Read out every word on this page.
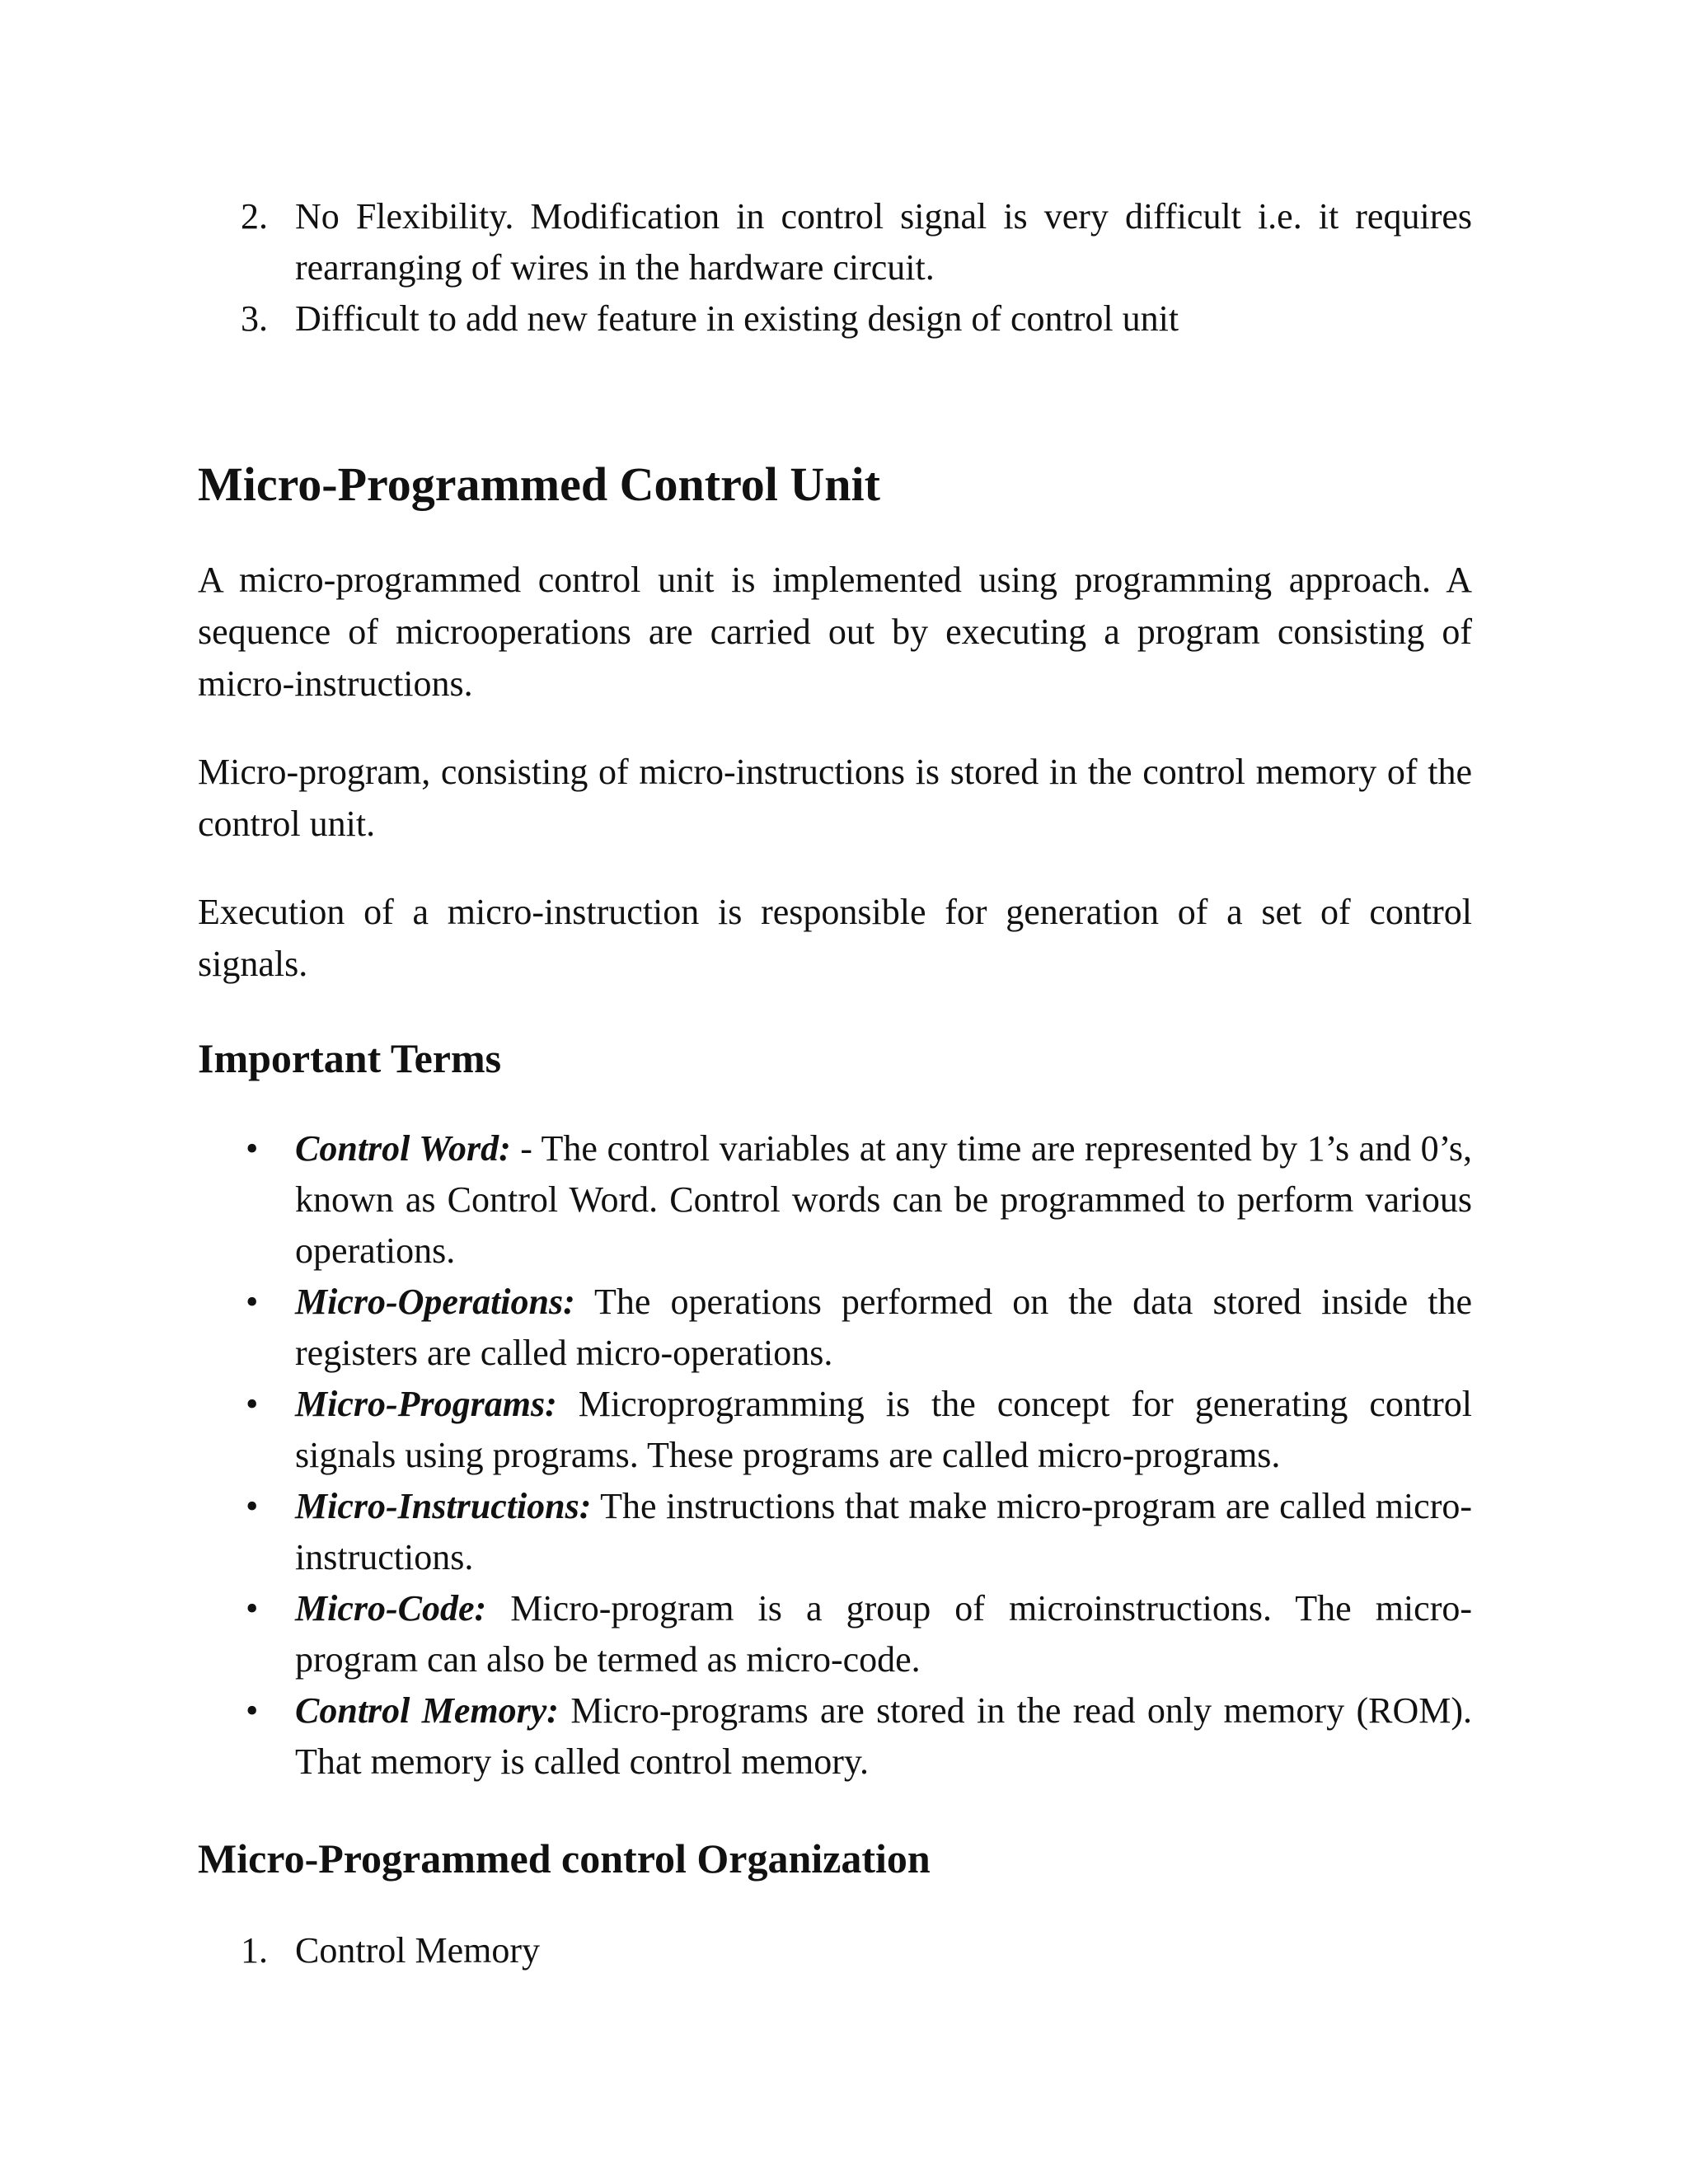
2. No Flexibility. Modification in control signal is very difficult i.e. it requires rearranging of wires in the hardware circuit.
3. Difficult to add new feature in existing design of control unit
Micro-Programmed Control Unit
A micro-programmed control unit is implemented using programming approach. A sequence of microoperations are carried out by executing a program consisting of micro-instructions.
Micro-program, consisting of micro-instructions is stored in the control memory of the control unit.
Execution of a micro-instruction is responsible for generation of a set of control signals.
Important Terms
• Control Word: - The control variables at any time are represented by 1’s and 0’s, known as Control Word. Control words can be programmed to perform various operations.
• Micro-Operations: The operations performed on the data stored inside the registers are called micro-operations.
• Micro-Programs: Microprogramming is the concept for generating control signals using programs. These programs are called micro-programs.
• Micro-Instructions: The instructions that make micro-program are called micro-instructions.
• Micro-Code: Micro-program is a group of microinstructions. The micro-program can also be termed as micro-code.
• Control Memory: Micro-programs are stored in the read only memory (ROM). That memory is called control memory.
Micro-Programmed control Organization
1. Control Memory
